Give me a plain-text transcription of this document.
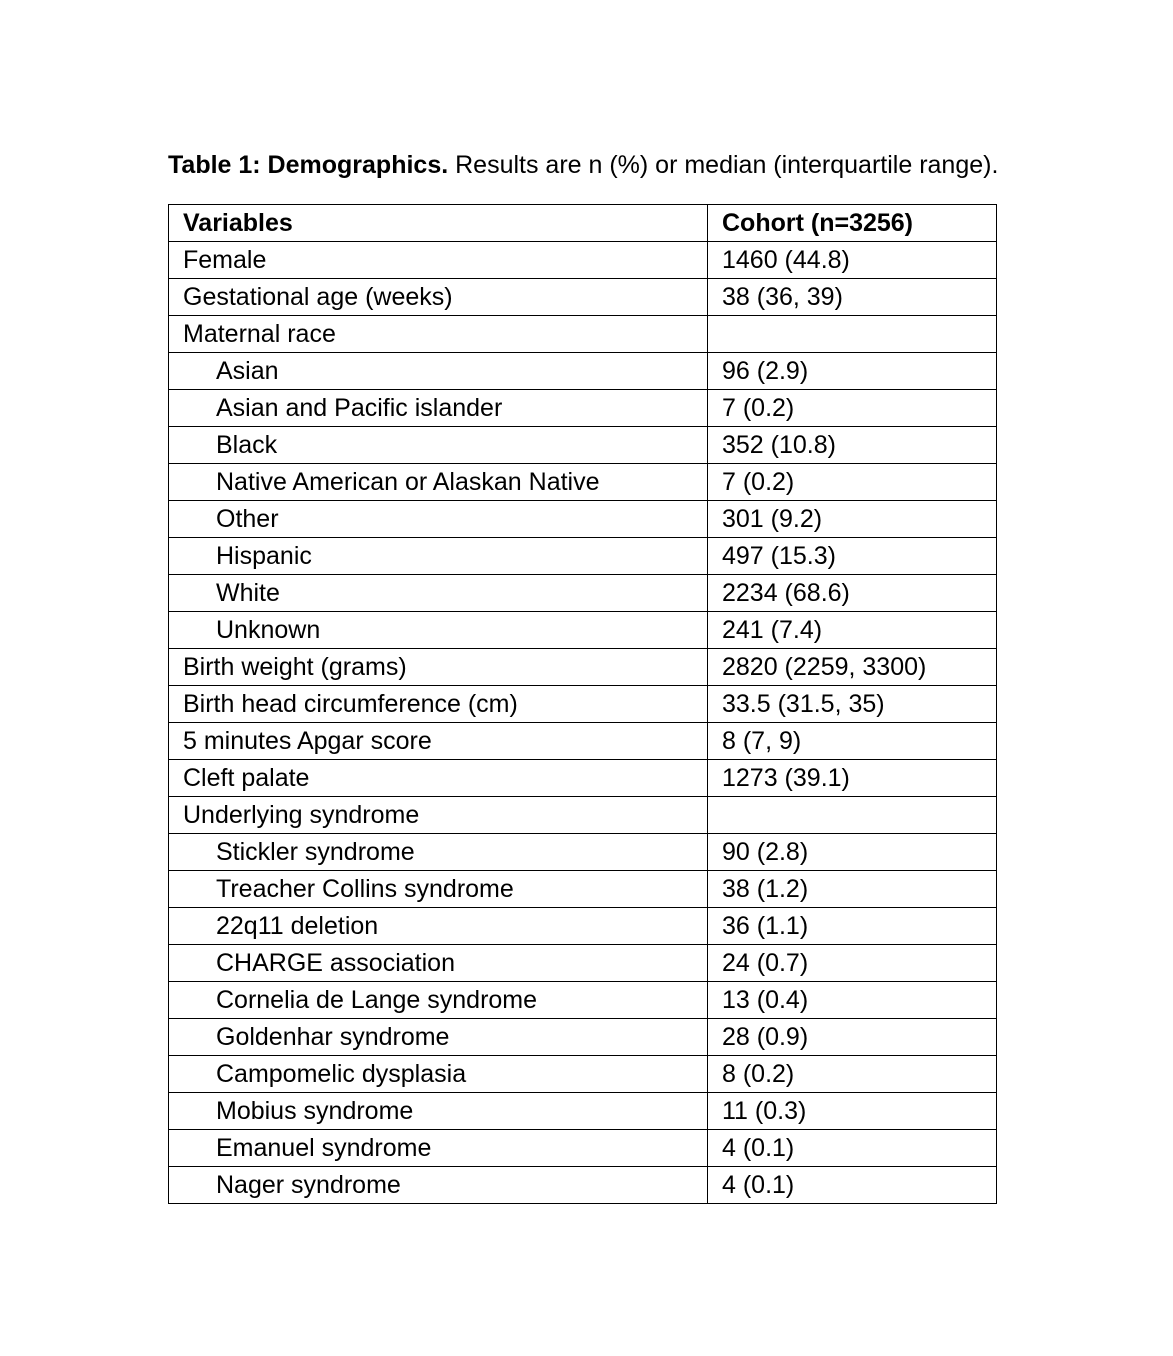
Table 1: Demographics. Results are n (%) or median (interquartile range).
Variables	Cohort (n=3256)
Female	1460 (44.8)
Gestational age (weeks)	38 (36, 39)
Maternal race	
Asian	96 (2.9)
Asian and Pacific islander	7 (0.2)
Black	352 (10.8)
Native American or Alaskan Native	7 (0.2)
Other	301 (9.2)
Hispanic	497 (15.3)
White	2234 (68.6)
Unknown	241 (7.4)
Birth weight (grams)	2820 (2259, 3300)
Birth head circumference (cm)	33.5 (31.5, 35)
5 minutes Apgar score	8 (7, 9)
Cleft palate	1273 (39.1)
Underlying syndrome	
Stickler syndrome	90 (2.8)
Treacher Collins syndrome	38 (1.2)
22q11 deletion	36 (1.1)
CHARGE association	24 (0.7)
Cornelia de Lange syndrome	13 (0.4)
Goldenhar syndrome	28 (0.9)
Campomelic dysplasia	8 (0.2)
Mobius syndrome	11 (0.3)
Emanuel syndrome	4 (0.1)
Nager syndrome	4 (0.1)
